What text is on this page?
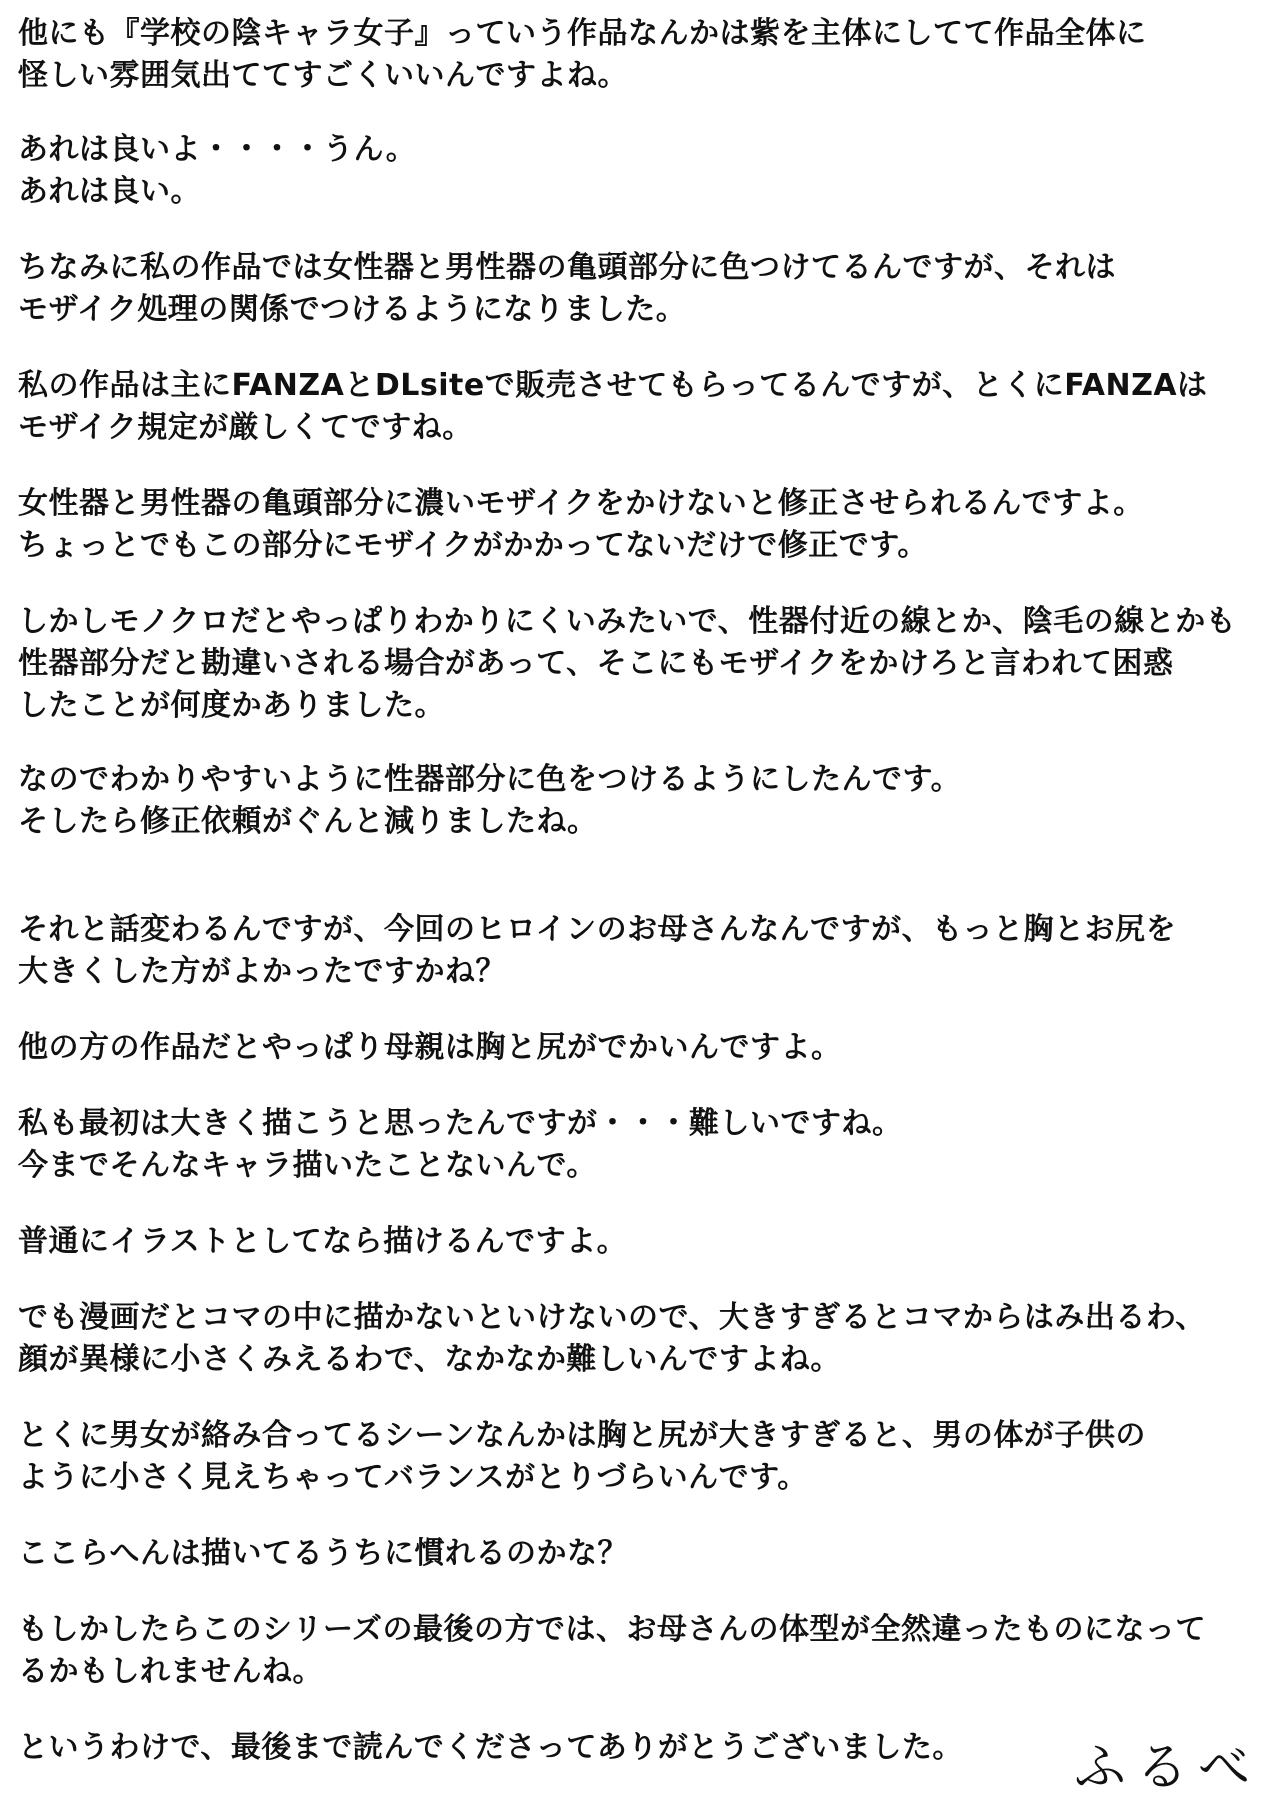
他にも『学校の陰キャラ女子』っていう作品なんかは紫を主体にしてて作品全体に
怪しい雰囲気出ててすごくいいんですよね。
あれは良いよ・・・・うん。
あれは良い。
ちなみに私の作品では女性器と男性器の亀頭部分に色つけてるんですが、それは
モザイク処理の関係でつけるようになりました。
私の作品は主にFANZAとDLsiteで販売させてもらってるんですが、とくにFANZAは
モザイク規定が厳しくてですね。
女性器と男性器の亀頭部分に濃いモザイクをかけないと修正させられるんですよ。
ちょっとでもこの部分にモザイクがかかってないだけで修正です。
しかしモノクロだとやっぱりわかりにくいみたいで、性器付近の線とか、陰毛の線とかも
性器部分だと勘違いされる場合があって、そこにもモザイクをかけろと言われて困惑
したことが何度かありました。
なのでわかりやすいように性器部分に色をつけるようにしたんです。
そしたら修正依頼がぐんと減りましたね。
それと話変わるんですが、今回のヒロインのお母さんなんですが、もっと胸とお尻を
大きくした方がよかったですかね？
他の方の作品だとやっぱり母親は胸と尻がでかいんですよ。
私も最初は大きく描こうと思ったんですが・・・難しいですね。
今までそんなキャラ描いたことないんで。
普通にイラストとしてなら描けるんですよ。
でも漫画だとコマの中に描かないといけないので、大きすぎるとコマからはみ出るわ、
顔が異様に小さくみえるわで、なかなか難しいんですよね。
とくに男女が絡み合ってるシーンなんかは胸と尻が大きすぎると、男の体が子供の
ように小さく見えちゃってバランスがとりづらいんです。
ここらへんは描いてるうちに慣れるのかな？
もしかしたらこのシリーズの最後の方では、お母さんの体型が全然違ったものになって
るかもしれませんね。
というわけで、最後まで読んでくださってありがとうございました。 ふるべ
